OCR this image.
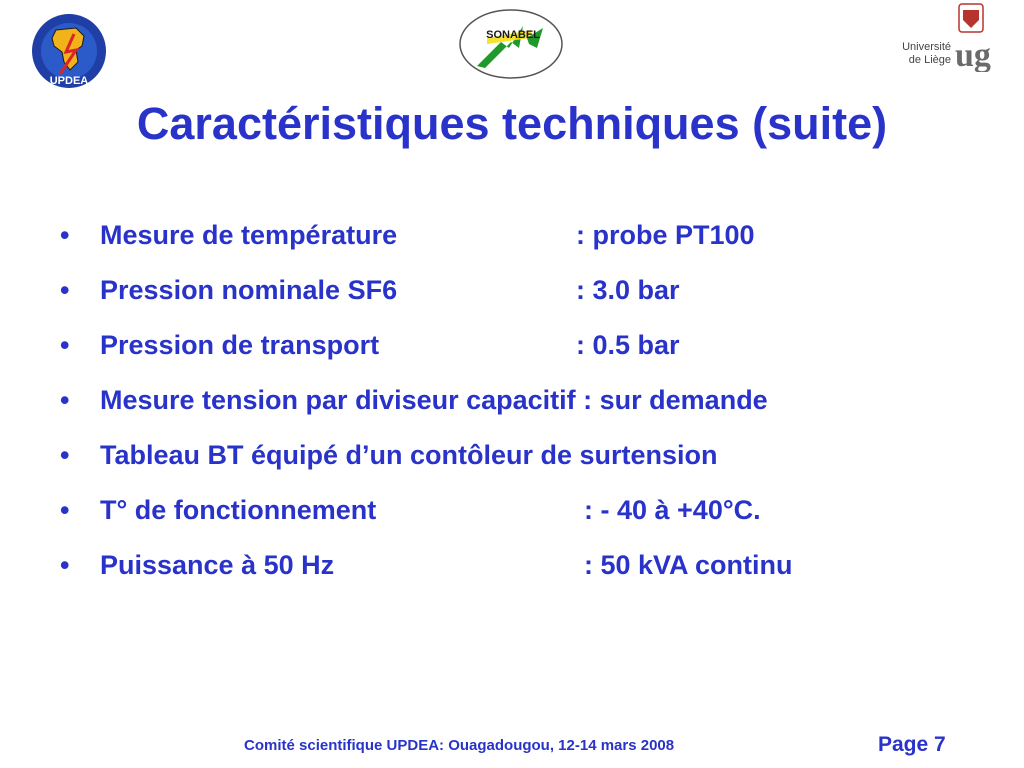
UPDEA
SONABEL
Université
de Liège ug
Caractéristiques techniques (suite)
•	Mesure de température	: probe PT100
•	Pression nominale SF6	: 3.0 bar
•	Pression de transport	: 0.5 bar
•	Mesure tension par diviseur capacitif : sur demande
•	Tableau BT équipé d’un contôleur de surtension
•	T° de fonctionnement	: - 40 à +40°C.
•	Puissance à 50 Hz	: 50 kVA continu
Comité scientifique UPDEA: Ouagadougou, 12-14 mars 2008	Page 7
